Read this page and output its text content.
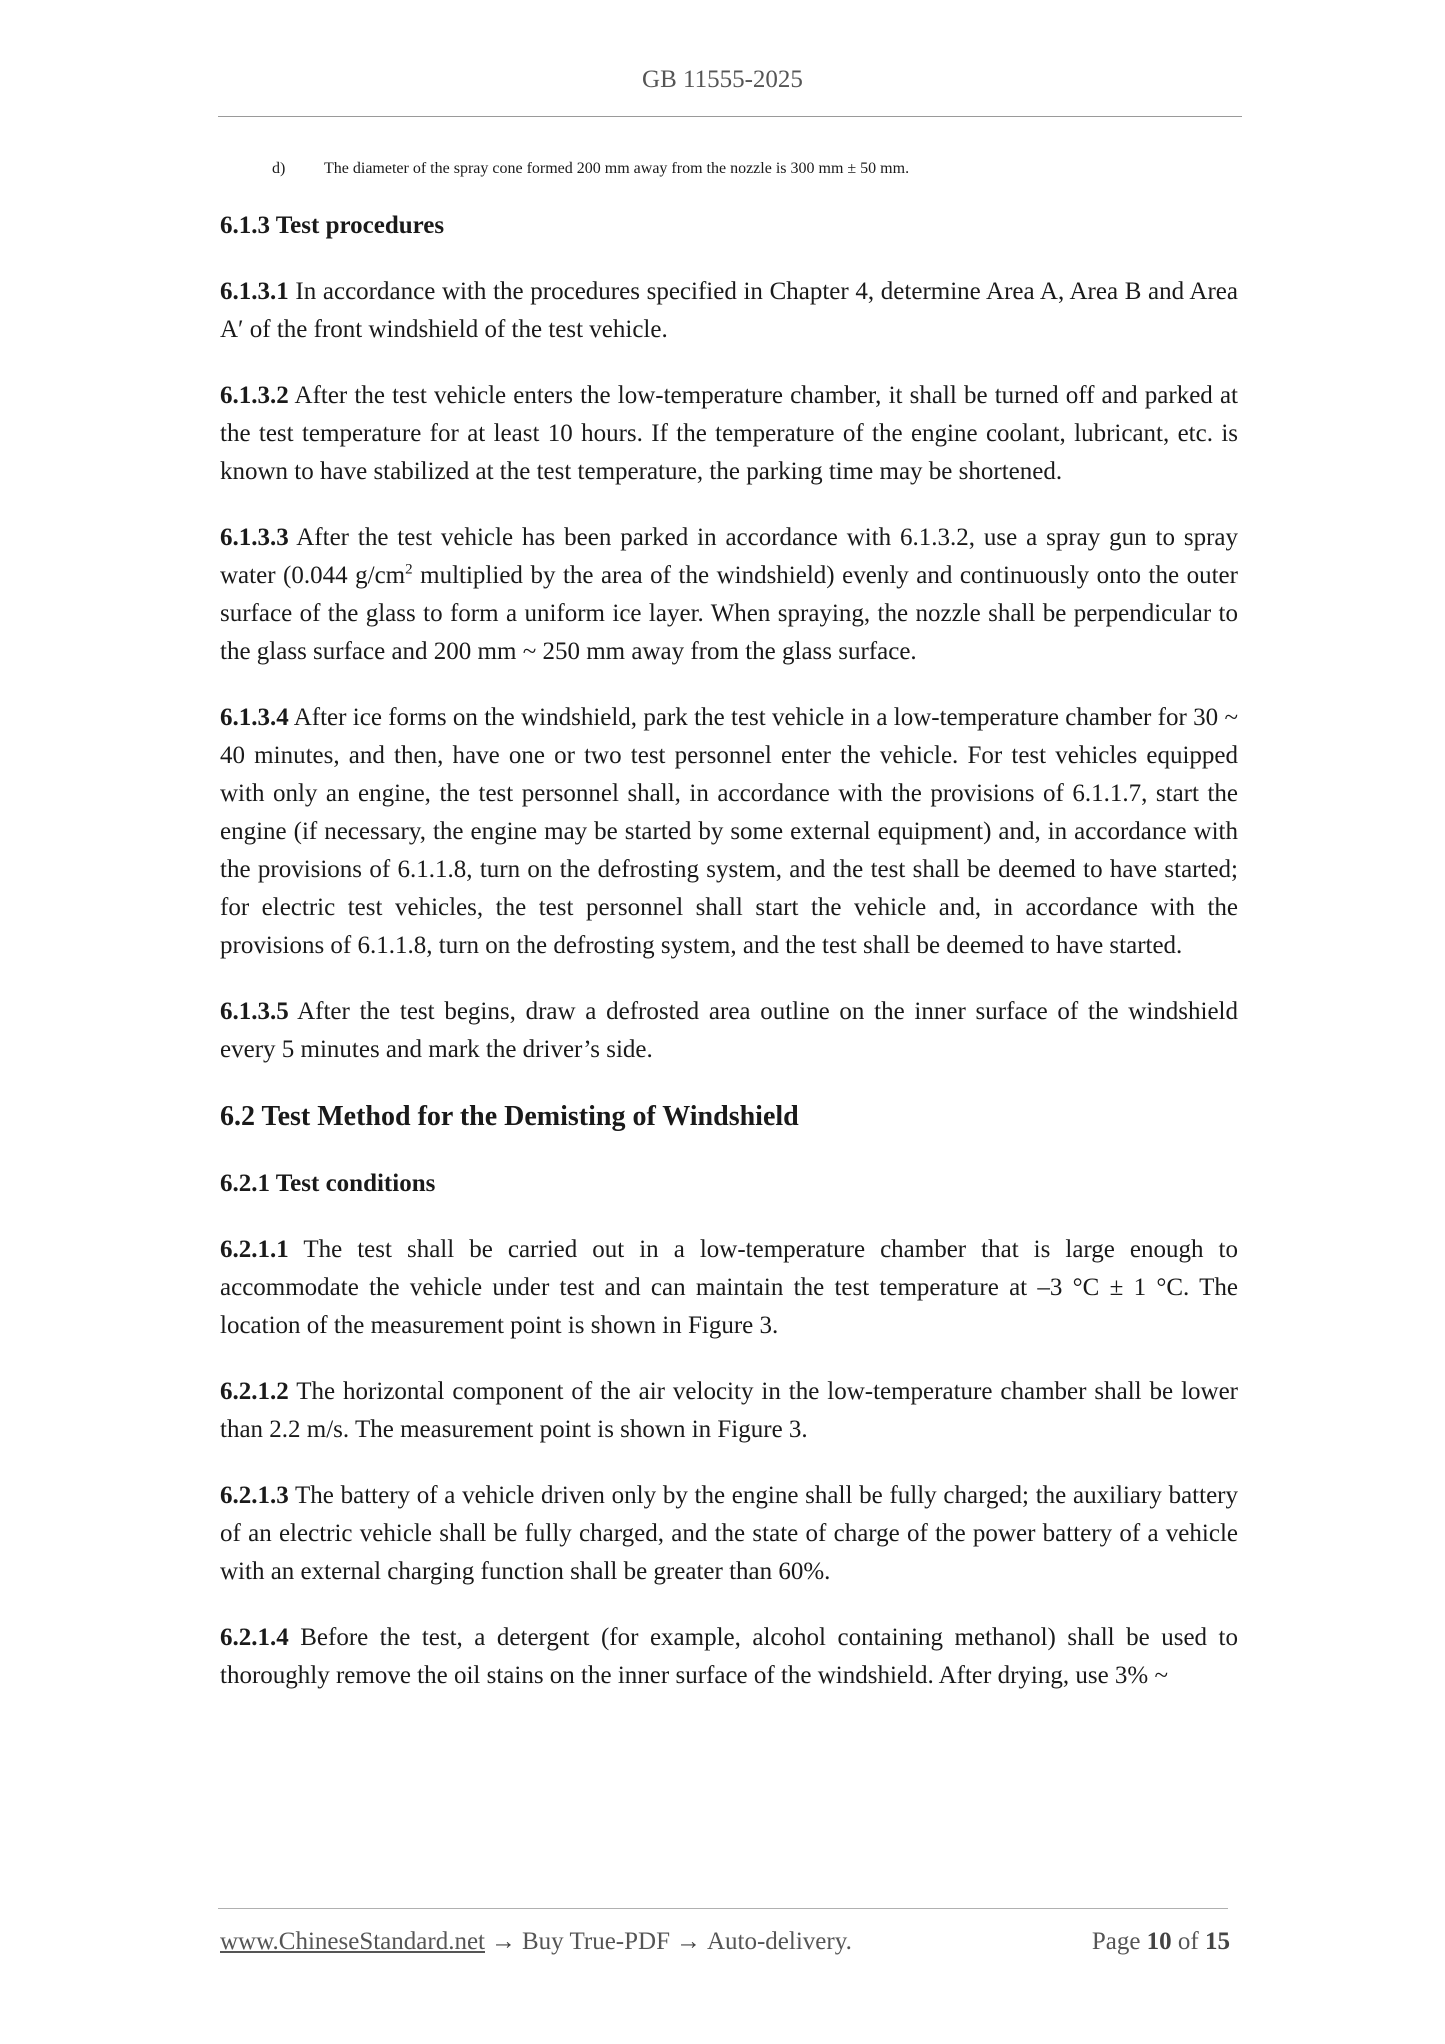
GB 11555-2025
d)	The diameter of the spray cone formed 200 mm away from the nozzle is 300 mm ± 50 mm.
6.1.3 Test procedures

6.1.3.1 In accordance with the procedures specified in Chapter 4, determine Area A, Area B and Area A′ of the front windshield of the test vehicle.

6.1.3.2 After the test vehicle enters the low-temperature chamber, it shall be turned off and parked at the test temperature for at least 10 hours. If the temperature of the engine coolant, lubricant, etc. is known to have stabilized at the test temperature, the parking time may be shortened.

6.1.3.3 After the test vehicle has been parked in accordance with 6.1.3.2, use a spray gun to spray water (0.044 $g/cm^2$ multiplied by the area of the windshield) evenly and continuously onto the outer surface of the glass to form a uniform ice layer. When spraying, the nozzle shall be perpendicular to the glass surface and 200 mm ~ 250 mm away from the glass surface.

6.1.3.4 After ice forms on the windshield, park the test vehicle in a low-temperature chamber for 30 ~ 40 minutes, and then, have one or two test personnel enter the vehicle. For test vehicles equipped with only an engine, the test personnel shall, in accordance with the provisions of 6.1.1.7, start the engine (if necessary, the engine may be started by some external equipment) and, in accordance with the provisions of 6.1.1.8, turn on the defrosting system, and the test shall be deemed to have started; for electric test vehicles, the test personnel shall start the vehicle and, in accordance with the provisions of 6.1.1.8, turn on the defrosting system, and the test shall be deemed to have started.

6.1.3.5 After the test begins, draw a defrosted area outline on the inner surface of the windshield every 5 minutes and mark the driver’s side.

6.2 Test Method for the Demisting of Windshield
6.2.1 Test conditions

6.2.1.1 The test shall be carried out in a low-temperature chamber that is large enough to accommodate the vehicle under test and can maintain the test temperature at –3 °C ± 1 °C. The location of the measurement point is shown in Figure 3.

6.2.1.2 The horizontal component of the air velocity in the low-temperature chamber shall be lower than 2.2 m/s. The measurement point is shown in Figure 3.

6.2.1.3 The battery of a vehicle driven only by the engine shall be fully charged; the auxiliary battery of an electric vehicle shall be fully charged, and the state of charge of the power battery of a vehicle with an external charging function shall be greater than 60%.

6.2.1.4 Before the test, a detergent (for example, alcohol containing methanol) shall be used to thoroughly remove the oil stains on the inner surface of the windshield. After drying, use 3% ~

www.ChineseStandard.net → Buy True-PDF → Auto-delivery.	Page 10 of 15
